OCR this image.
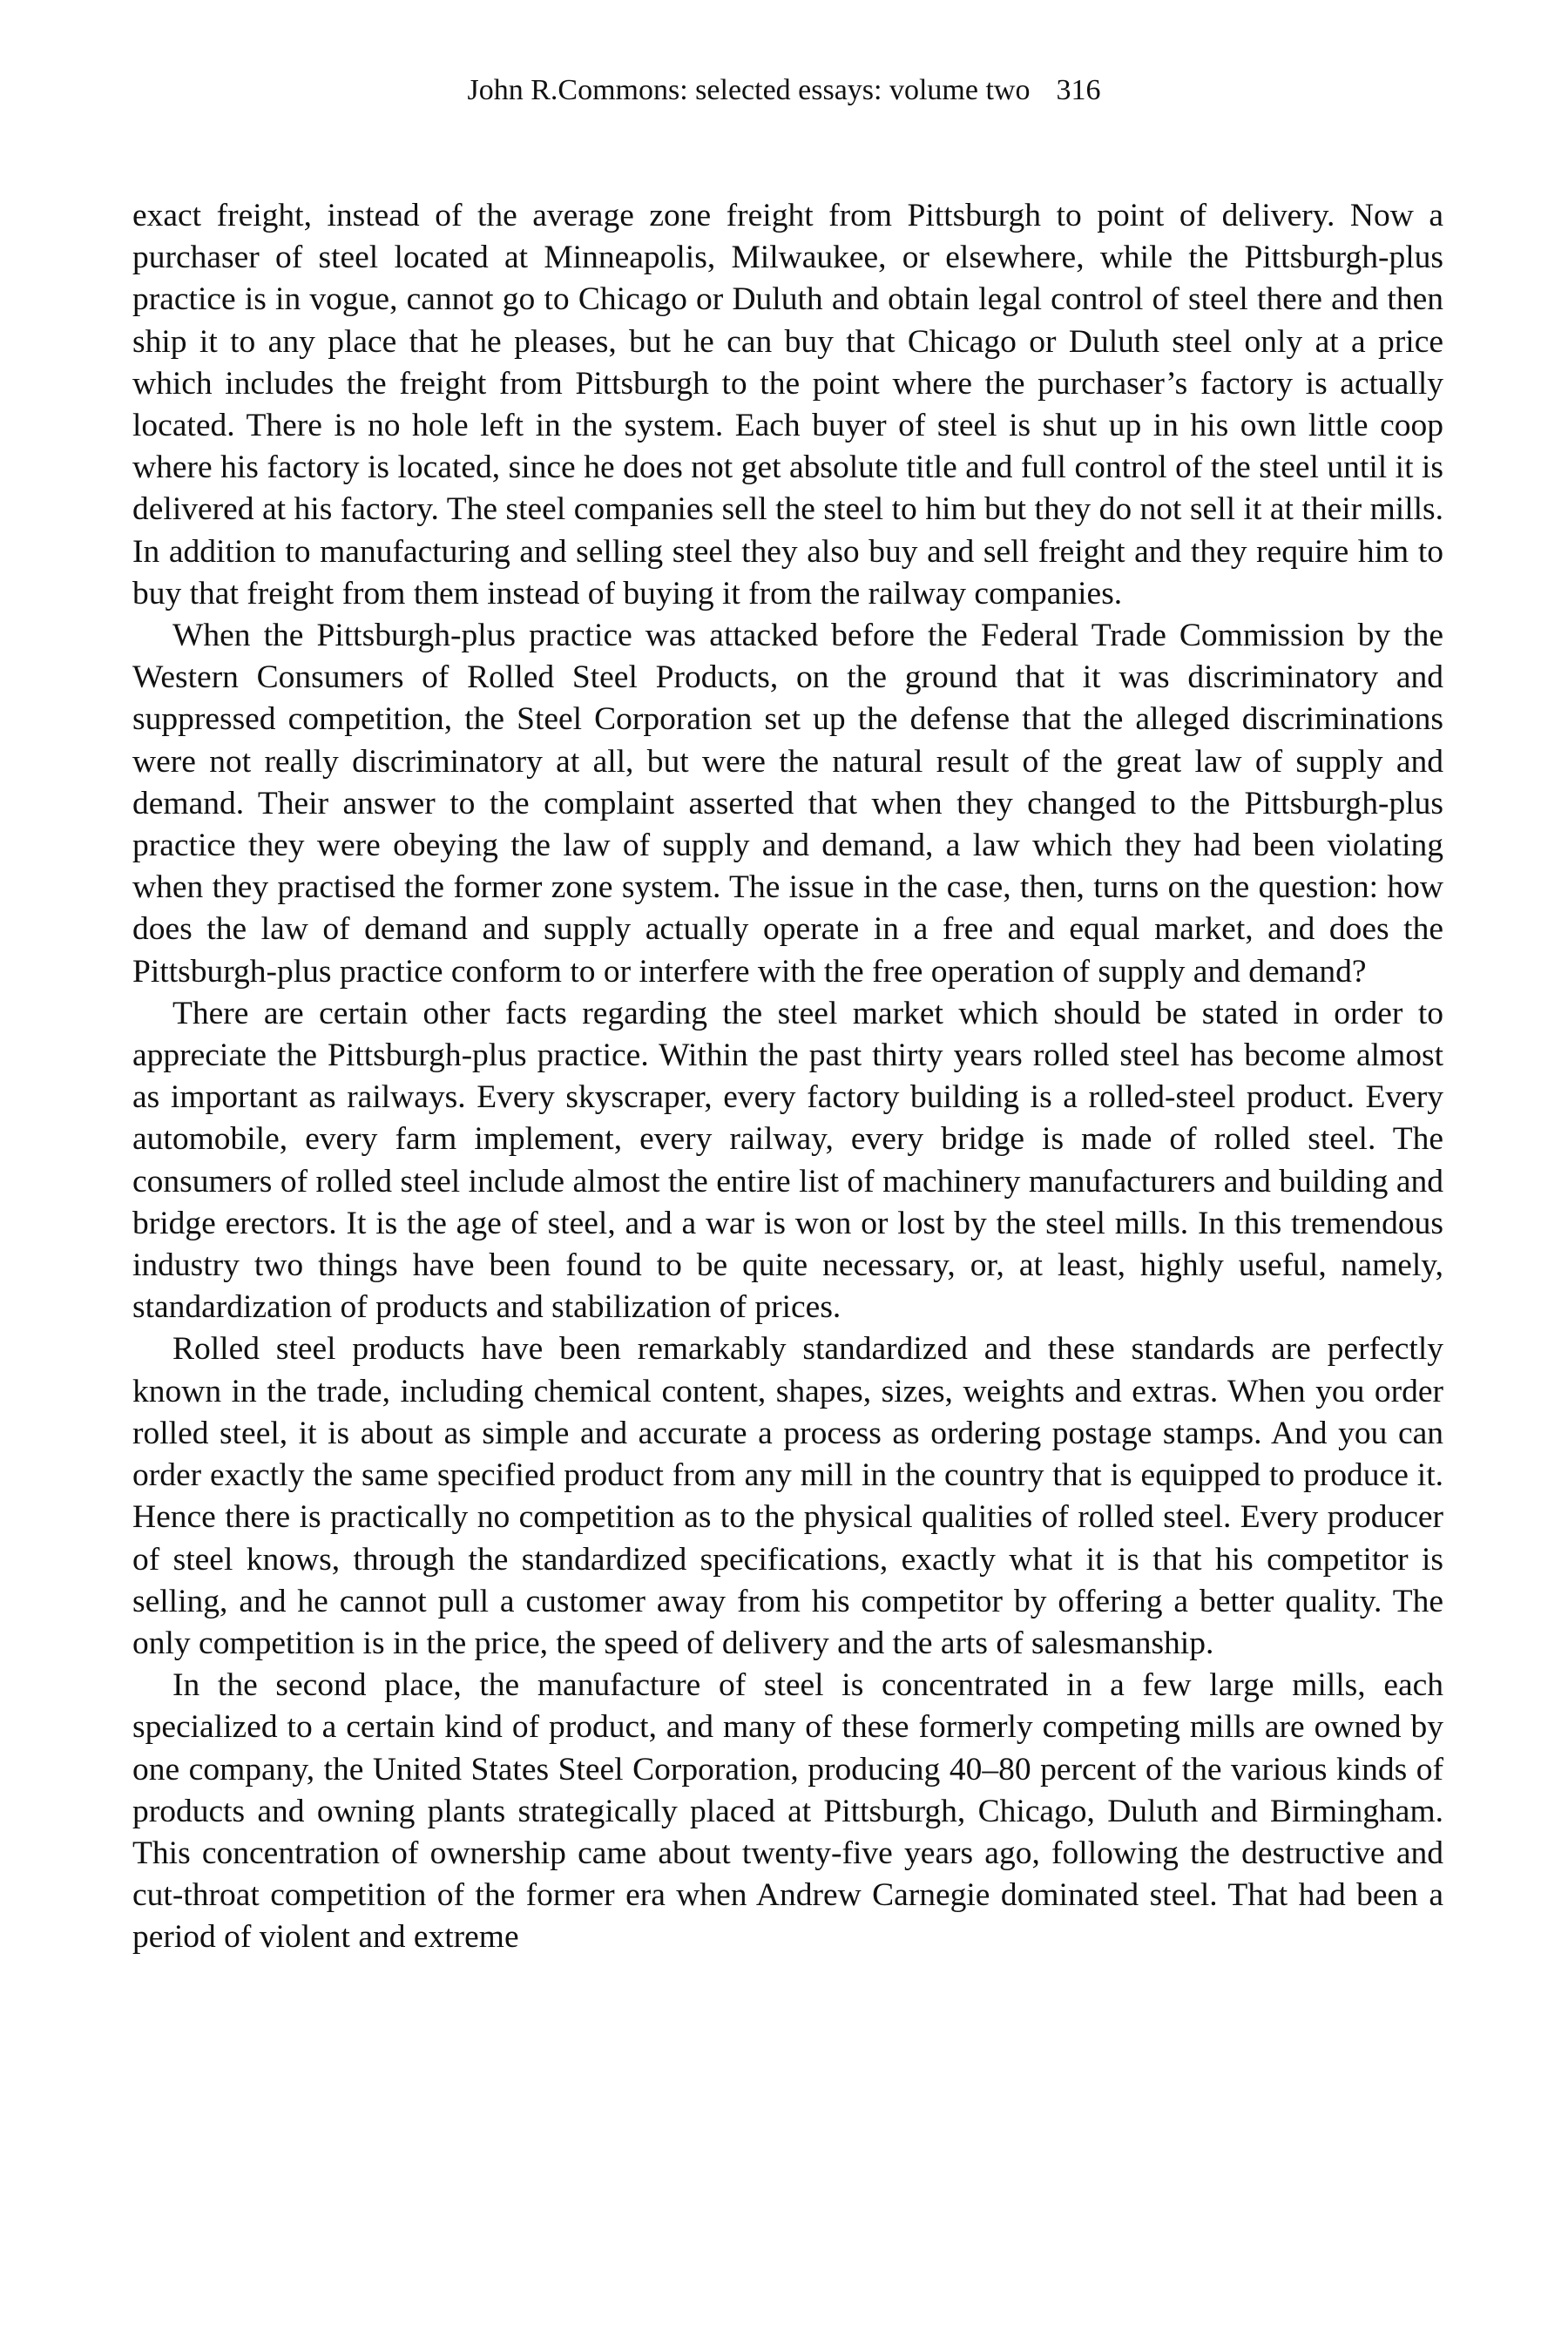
John R.Commons: selected essays: volume two 316

exact freight, instead of the average zone freight from Pittsburgh to point of delivery. Now a purchaser of steel located at Minneapolis, Milwaukee, or elsewhere, while the Pittsburgh-plus practice is in vogue, cannot go to Chicago or Duluth and obtain legal control of steel there and then ship it to any place that he pleases, but he can buy that Chicago or Duluth steel only at a price which includes the freight from Pittsburgh to the point where the purchaser’s factory is actually located. There is no hole left in the system. Each buyer of steel is shut up in his own little coop where his factory is located, since he does not get absolute title and full control of the steel until it is delivered at his factory. The steel companies sell the steel to him but they do not sell it at their mills. In addition to manufacturing and selling steel they also buy and sell freight and they require him to buy that freight from them instead of buying it from the railway companies.

When the Pittsburgh-plus practice was attacked before the Federal Trade Commission by the Western Consumers of Rolled Steel Products, on the ground that it was discriminatory and suppressed competition, the Steel Corporation set up the defense that the alleged discriminations were not really discriminatory at all, but were the natural result of the great law of supply and demand. Their answer to the complaint asserted that when they changed to the Pittsburgh-plus practice they were obeying the law of supply and demand, a law which they had been violating when they practised the former zone system. The issue in the case, then, turns on the question: how does the law of demand and supply actually operate in a free and equal market, and does the Pittsburgh-plus practice conform to or interfere with the free operation of supply and demand?

There are certain other facts regarding the steel market which should be stated in order to appreciate the Pittsburgh-plus practice. Within the past thirty years rolled steel has become almost as important as railways. Every skyscraper, every factory building is a rolled-steel product. Every automobile, every farm implement, every railway, every bridge is made of rolled steel. The consumers of rolled steel include almost the entire list of machinery manufacturers and building and bridge erectors. It is the age of steel, and a war is won or lost by the steel mills. In this tremendous industry two things have been found to be quite necessary, or, at least, highly useful, namely, standardization of products and stabilization of prices.

Rolled steel products have been remarkably standardized and these standards are perfectly known in the trade, including chemical content, shapes, sizes, weights and extras. When you order rolled steel, it is about as simple and accurate a process as ordering postage stamps. And you can order exactly the same specified product from any mill in the country that is equipped to produce it. Hence there is practically no competition as to the physical qualities of rolled steel. Every producer of steel knows, through the standardized specifications, exactly what it is that his competitor is selling, and he cannot pull a customer away from his competitor by offering a better quality. The only competition is in the price, the speed of delivery and the arts of salesmanship.

In the second place, the manufacture of steel is concentrated in a few large mills, each specialized to a certain kind of product, and many of these formerly competing mills are owned by one company, the United States Steel Corporation, producing 40–80 percent of the various kinds of products and owning plants strategically placed at Pittsburgh, Chicago, Duluth and Birmingham. This concentration of ownership came about twenty-five years ago, following the destructive and cut-throat competition of the former era when Andrew Carnegie dominated steel. That had been a period of violent and extreme
